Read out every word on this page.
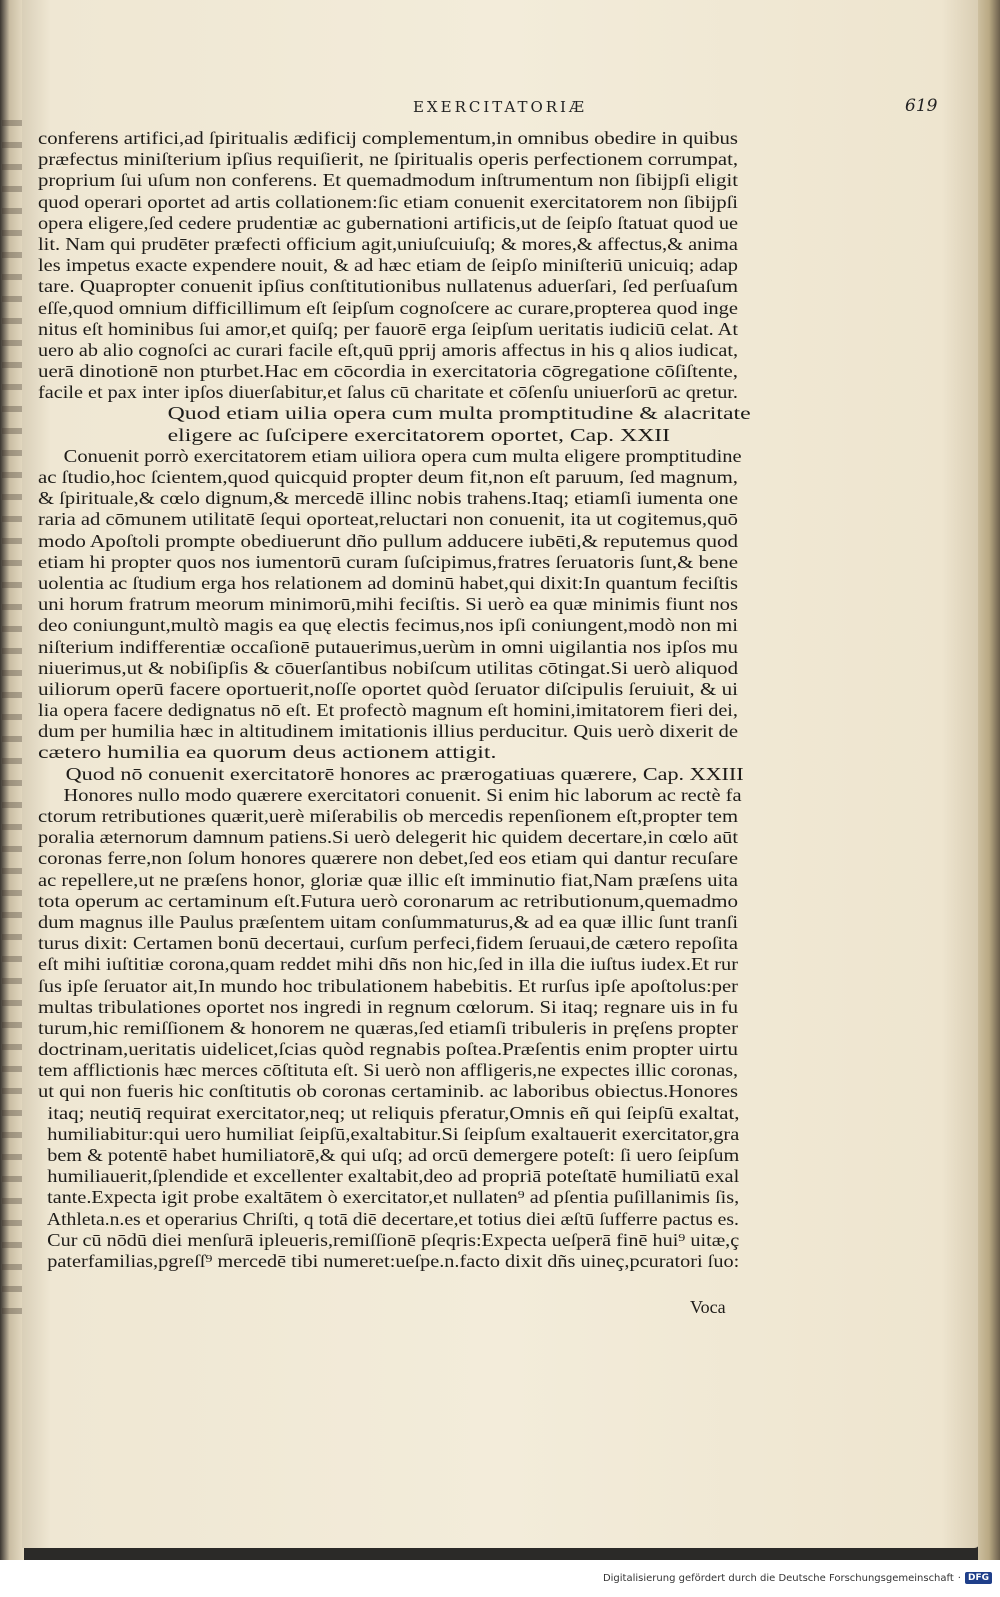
EXERCITATORIÆ	619
conferens artifici,ad ſpiritualis ædificij complementum,in omnibus obedire in quibus
præfectus miniſterium ipſius requiſierit, ne ſpiritualis operis perfectionem corrumpat,
proprium ſui uſum non conferens. Et quemadmodum inſtrumentum non ſibijpſi eligit
quod operari oportet ad artis collationem:ſic etiam conuenit exercitatorem non ſibijpſi
opera eligere,ſed cedere prudentiæ ac gubernationi artificis,ut de ſeipſo ſtatuat quod ue
lit. Nam qui prudēter præfecti officium agit,uniuſcuiuſq; & mores,& affectus,& anima
les impetus exacte expendere nouit, & ad hæc etiam de ſeipſo miniſteriū unicuiq; adap
tare. Quapropter conuenit ipſius conſtitutionibus nullatenus aduerſari, ſed perſuaſum
eſſe,quod omnium difficillimum eſt ſeipſum cognoſcere ac curare,propterea quod inge
nitus eſt hominibus ſui amor,et quiſq; per fauorē erga ſeipſum ueritatis iudiciū celat. At
uero ab alio cognoſci ac curari facile eſt,quū pprij amoris affectus in his q alios iudicat,
uerā dinotionē non pturbet.Hac em cōcordia in exercitatoria cōgregatione cōſiſtente,
facile et pax inter ipſos diuerſabitur,et ſalus cū charitate et cōſenſu uniuerſorū ac qretur.
Quod etiam uilia opera cum multa promptitudine & alacritate
eligere ac ſuſcipere exercitatorem oportet, Cap. XXII
Conuenit porrò exercitatorem etiam uiliora opera cum multa eligere promptitudine
ac ſtudio,hoc ſcientem,quod quicquid propter deum fit,non eſt paruum, ſed magnum,
& ſpirituale,& cœlo dignum,& mercedē illinc nobis trahens.Itaq; etiamſi iumenta one
raria ad cōmunem utilitatē ſequi oporteat,reluctari non conuenit, ita ut cogitemus,quō
modo Apoſtoli prompte obediuerunt dño pullum adducere iubēti,& reputemus quod
etiam hi propter quos nos iumentorū curam ſuſcipimus,fratres ſeruatoris ſunt,& bene
uolentia ac ſtudium erga hos relationem ad dominū habet,qui dixit:In quantum feciſtis
uni horum fratrum meorum minimorū,mihi feciſtis. Si uerò ea quæ minimis fiunt nos
deo coniungunt,multò magis ea quę electis fecimus,nos ipſi coniungent,modò non mi
niſterium indifferentiæ occaſionē putauerimus,uerùm in omni uigilantia nos ipſos mu
niuerimus,ut & nobiſipſis & cōuerſantibus nobiſcum utilitas cōtingat.Si uerò aliquod
uiliorum operū facere oportuerit,noſſe oportet quòd ſeruator diſcipulis ſeruiuit, & ui
lia opera facere dedignatus nō eſt. Et profectò magnum eſt homini,imitatorem fieri dei,
dum per humilia hæc in altitudinem imitationis illius perducitur. Quis uerò dixerit de
cætero humilia ea quorum deus actionem attigit.
Quod nō conuenit exercitatorē honores ac prærogatiuas quærere, Cap. XXIII
Honores nullo modo quærere exercitatori conuenit. Si enim hic laborum ac rectè fa
ctorum retributiones quærit,uerè miſerabilis ob mercedis repenſionem eſt,propter tem
poralia æternorum damnum patiens.Si uerò delegerit hic quidem decertare,in cœlo aūt
coronas ferre,non ſolum honores quærere non debet,ſed eos etiam qui dantur recuſare
ac repellere,ut ne præſens honor, gloriæ quæ illic eſt imminutio fiat,Nam præſens uita
tota operum ac certaminum eſt.Futura uerò coronarum ac retributionum,quemadmo
dum magnus ille Paulus præſentem uitam conſummaturus,& ad ea quæ illic ſunt tranſi
turus dixit: Certamen bonū decertaui, curſum perfeci,fidem ſeruaui,de cætero repoſita
eſt mihi iuſtitiæ corona,quam reddet mihi dñs non hic,ſed in illa die iuſtus iudex.Et rur
ſus ipſe ſeruator ait,In mundo hoc tribulationem habebitis. Et rurſus ipſe apoſtolus:per
multas tribulationes oportet nos ingredi in regnum cœlorum. Si itaq; regnare uis in fu
turum,hic remiſſionem & honorem ne quæras,ſed etiamſi tribuleris in pręſens propter
doctrinam,ueritatis uidelicet,ſcias quòd regnabis poſtea.Præſentis enim propter uirtu
tem afflictionis hæc merces cōſtituta eſt. Si uerò non affligeris,ne expectes illic coronas,
ut qui non fueris hic conſtitutis ob coronas certaminib. ac laboribus obiectus.Honores
itaq; neutiq̄ requirat exercitator,neq; ut reliquis pferatur,Omnis eñ qui ſeipſū exaltat,
humiliabitur:qui uero humiliat ſeipſū,exaltabitur.Si ſeipſum exaltauerit exercitator,gra
bem & potentē habet humiliatorē,& qui uſq; ad orcū demergere poteſt: ſi uero ſeipſum
humiliauerit,ſplendide et excellenter exaltabit,deo ad propriā poteſtatē humiliatū exal
tante.Expecta igit probe exaltātem ò exercitator,et nullaten⁹ ad pſentia puſillanimis ſis,
Athleta.n.es et operarius Chriſti, q totā diē decertare,et totius diei æſtū ſufferre pactus es.
Cur cū nōdū diei menſurā ipleueris,remiſſionē pſeqris:Expecta ueſperā finē hui⁹ uitæ,ç
paterfamilias,pgreſſ⁹ mercedē tibi numeret:ueſpe.n.facto dixit dñs uineç,pcuratori ſuo:
Voca
Digitalisierung gefördert durch die Deutsche Forschungsgemeinschaft · DFG
